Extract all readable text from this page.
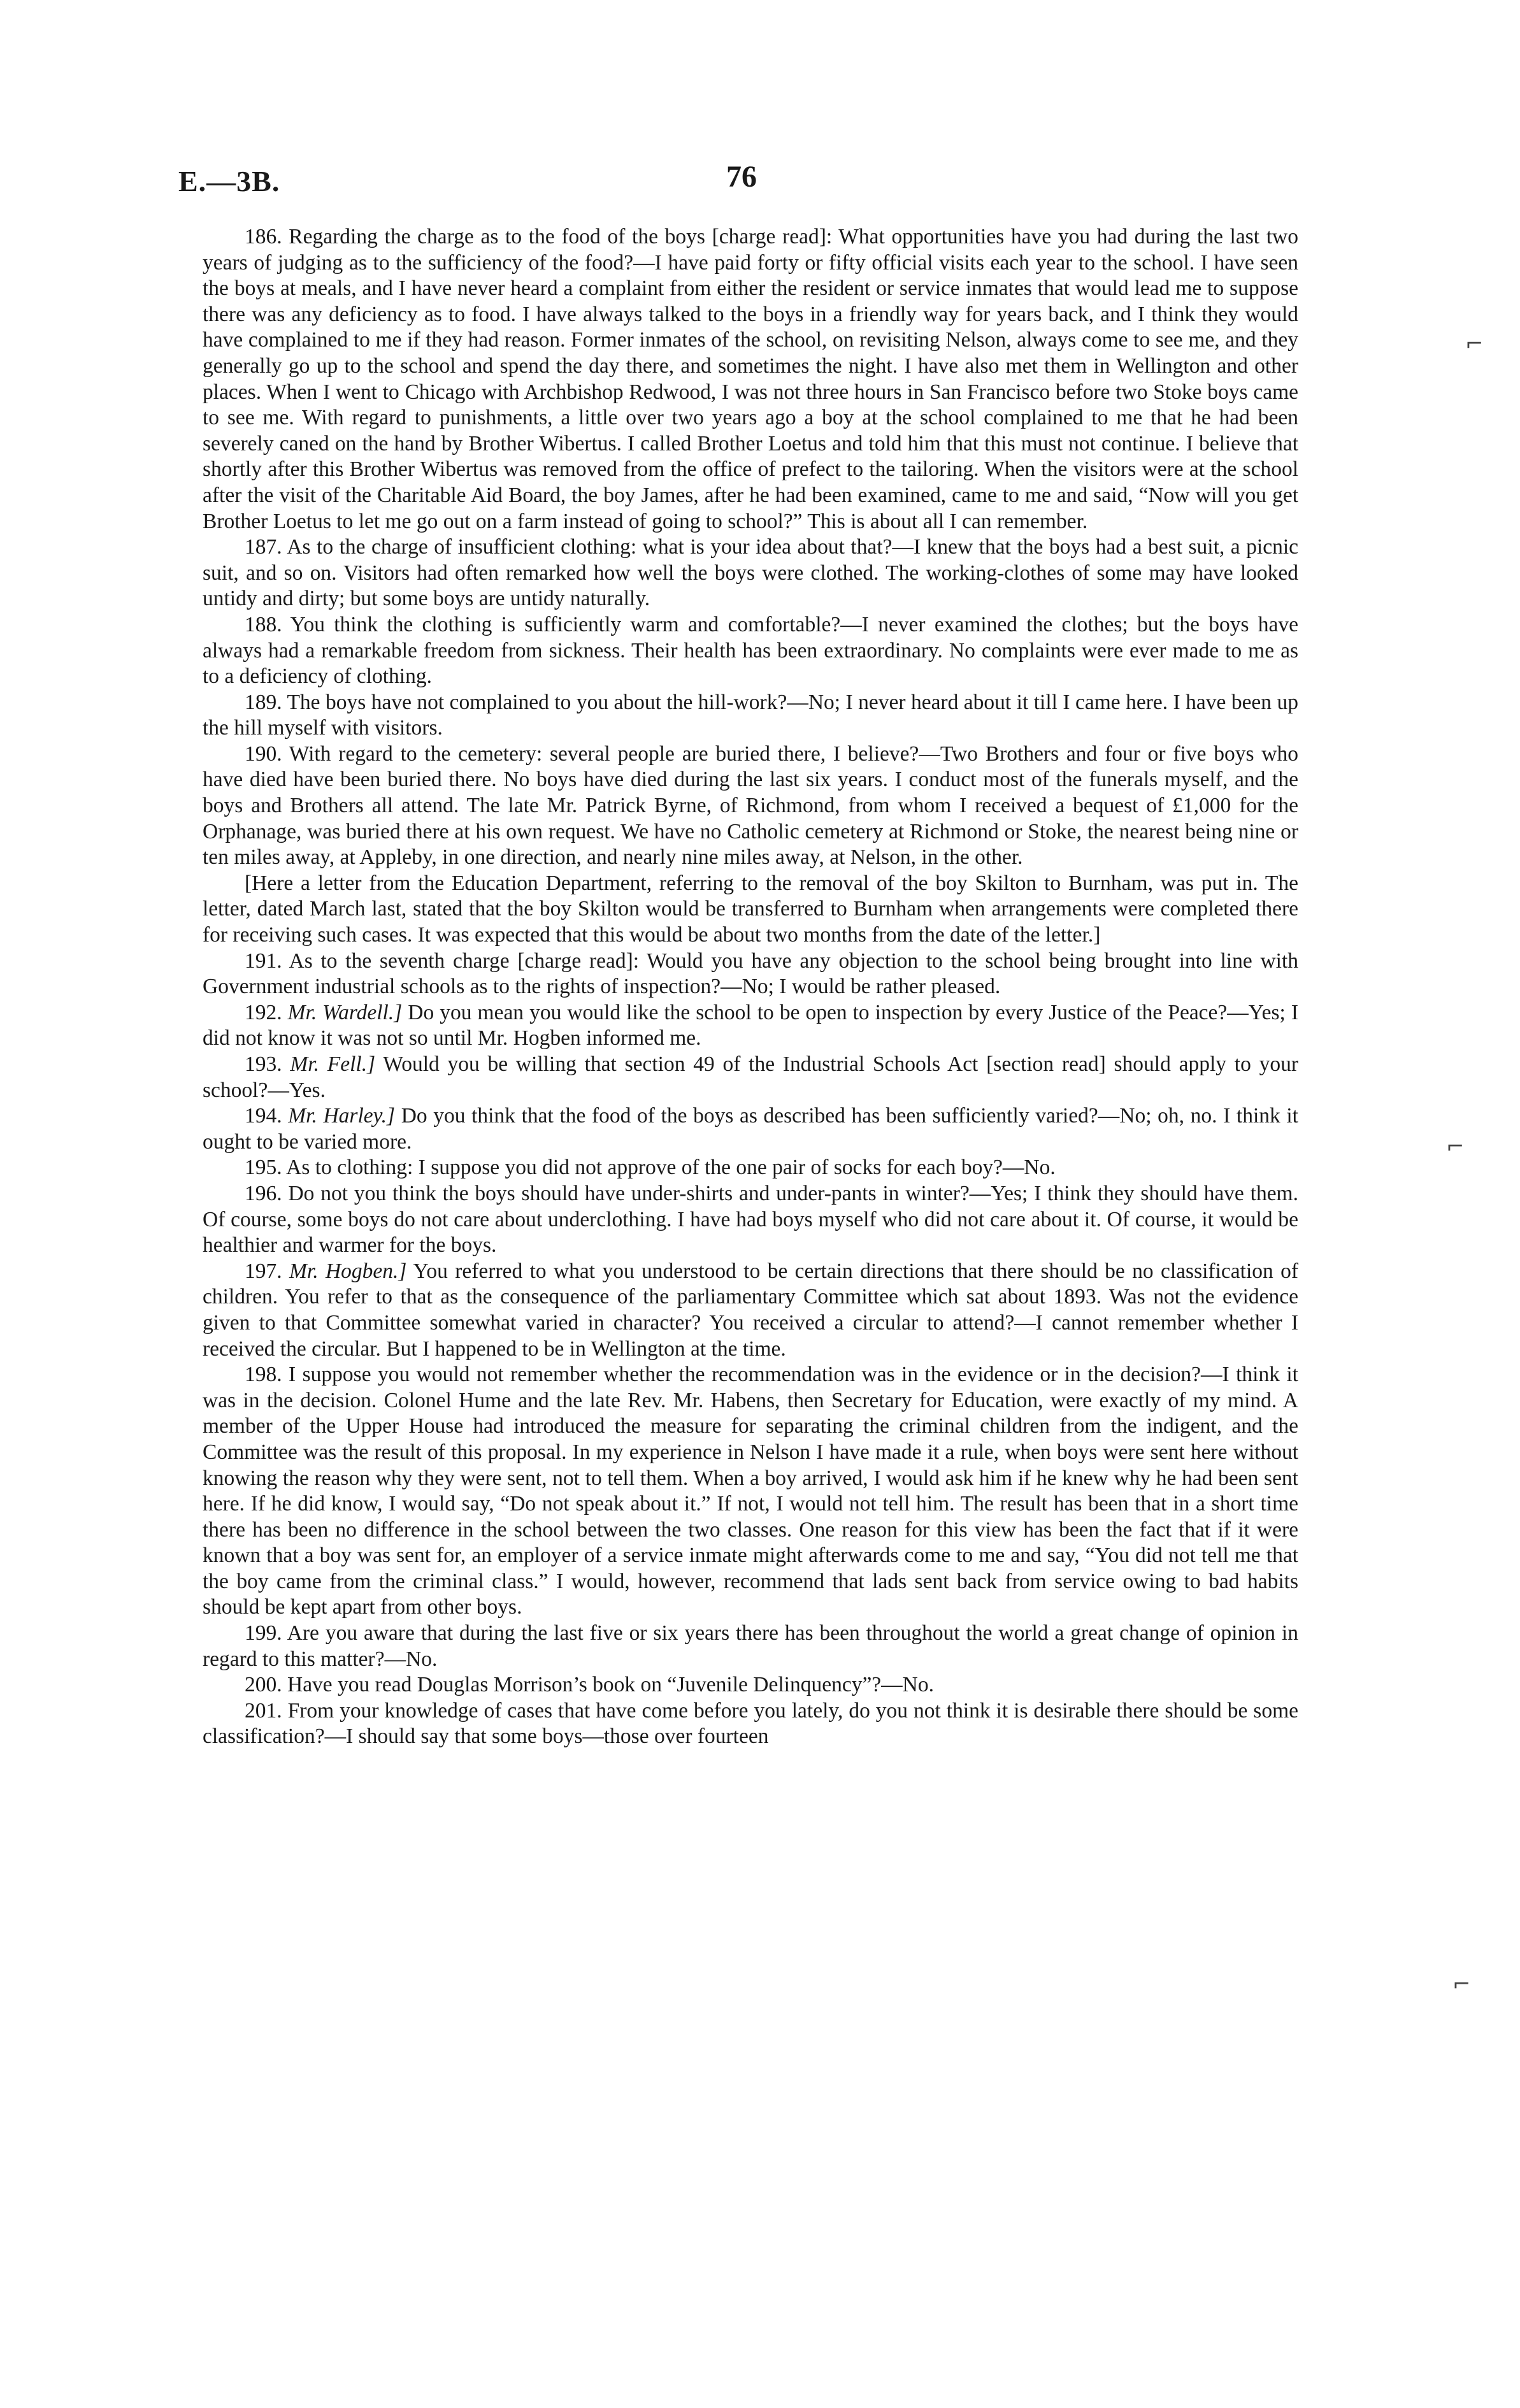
E.—3B.	76

186. Regarding the charge as to the food of the boys [charge read]: What opportunities have you had during the last two years of judging as to the sufficiency of the food?—I have paid forty or fifty official visits each year to the school. I have seen the boys at meals, and I have never heard a complaint from either the resident or service inmates that would lead me to suppose there was any deficiency as to food. I have always talked to the boys in a friendly way for years back, and I think they would have complained to me if they had reason. Former inmates of the school, on revisiting Nelson, always come to see me, and they generally go up to the school and spend the day there, and sometimes the night. I have also met them in Wellington and other places. When I went to Chicago with Archbishop Redwood, I was not three hours in San Francisco before two Stoke boys came to see me. With regard to punishments, a little over two years ago a boy at the school complained to me that he had been severely caned on the hand by Brother Wibertus. I called Brother Loetus and told him that this must not continue. I believe that shortly after this Brother Wibertus was removed from the office of prefect to the tailoring. When the visitors were at the school after the visit of the Charitable Aid Board, the boy James, after he had been examined, came to me and said, “Now will you get Brother Loetus to let me go out on a farm instead of going to school?” This is about all I can remember.

187. As to the charge of insufficient clothing: what is your idea about that?—I knew that the boys had a best suit, a picnic suit, and so on. Visitors had often remarked how well the boys were clothed. The working-clothes of some may have looked untidy and dirty; but some boys are untidy naturally.

188. You think the clothing is sufficiently warm and comfortable?—I never examined the clothes; but the boys have always had a remarkable freedom from sickness. Their health has been extraordinary. No complaints were ever made to me as to a deficiency of clothing.

189. The boys have not complained to you about the hill-work?—No; I never heard about it till I came here. I have been up the hill myself with visitors.

190. With regard to the cemetery: several people are buried there, I believe?—Two Brothers and four or five boys who have died have been buried there. No boys have died during the last six years. I conduct most of the funerals myself, and the boys and Brothers all attend. The late Mr. Patrick Byrne, of Richmond, from whom I received a bequest of £1,000 for the Orphanage, was buried there at his own request. We have no Catholic cemetery at Richmond or Stoke, the nearest being nine or ten miles away, at Appleby, in one direction, and nearly nine miles away, at Nelson, in the other.

[Here a letter from the Education Department, referring to the removal of the boy Skilton to Burnham, was put in. The letter, dated March last, stated that the boy Skilton would be transferred to Burnham when arrangements were completed there for receiving such cases. It was expected that this would be about two months from the date of the letter.]

191. As to the seventh charge [charge read]: Would you have any objection to the school being brought into line with Government industrial schools as to the rights of inspection?—No; I would be rather pleased.

192. Mr. Wardell.] Do you mean you would like the school to be open to inspection by every Justice of the Peace?—Yes; I did not know it was not so until Mr. Hogben informed me.

193. Mr. Fell.] Would you be willing that section 49 of the Industrial Schools Act [section read] should apply to your school?—Yes.

194. Mr. Harley.] Do you think that the food of the boys as described has been sufficiently varied?—No; oh, no. I think it ought to be varied more.

195. As to clothing: I suppose you did not approve of the one pair of socks for each boy?—No.

196. Do not you think the boys should have under-shirts and under-pants in winter?—Yes; I think they should have them. Of course, some boys do not care about underclothing. I have had boys myself who did not care about it. Of course, it would be healthier and warmer for the boys.

197. Mr. Hogben.] You referred to what you understood to be certain directions that there should be no classification of children. You refer to that as the consequence of the parliamentary Committee which sat about 1893. Was not the evidence given to that Committee somewhat varied in character? You received a circular to attend?—I cannot remember whether I received the circular. But I happened to be in Wellington at the time.

198. I suppose you would not remember whether the recommendation was in the evidence or in the decision?—I think it was in the decision. Colonel Hume and the late Rev. Mr. Habens, then Secretary for Education, were exactly of my mind. A member of the Upper House had introduced the measure for separating the criminal children from the indigent, and the Committee was the result of this proposal. In my experience in Nelson I have made it a rule, when boys were sent here without knowing the reason why they were sent, not to tell them. When a boy arrived, I would ask him if he knew why he had been sent here. If he did know, I would say, “Do not speak about it.” If not, I would not tell him. The result has been that in a short time there has been no difference in the school between the two classes. One reason for this view has been the fact that if it were known that a boy was sent for, an employer of a service inmate might afterwards come to me and say, “You did not tell me that the boy came from the criminal class.” I would, however, recommend that lads sent back from service owing to bad habits should be kept apart from other boys.

199. Are you aware that during the last five or six years there has been throughout the world a great change of opinion in regard to this matter?—No.

200. Have you read Douglas Morrison’s book on “Juvenile Delinquency”?—No.

201. From your knowledge of cases that have come before you lately, do you not think it is desirable there should be some classification?—I should say that some boys—those over fourteen

⌐
⌐
⌐
